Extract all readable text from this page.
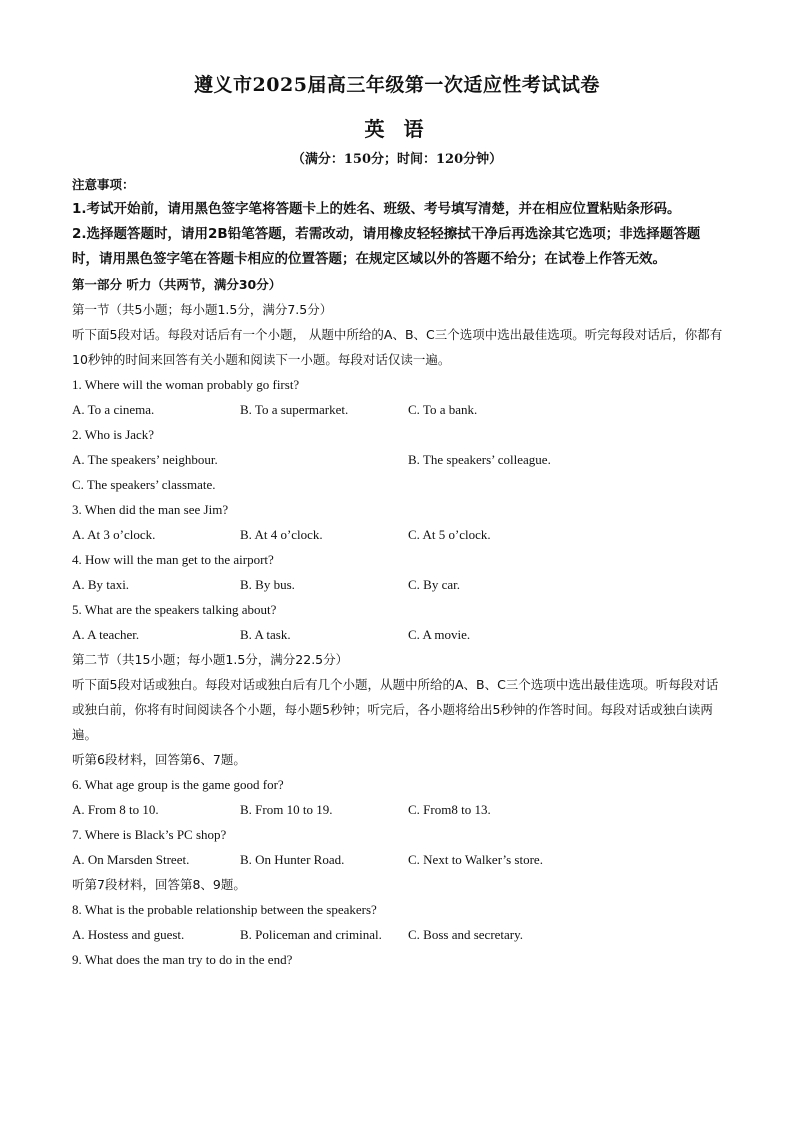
遵义市2025届高三年级第一次适应性考试试卷
英 语
（满分：150分；时间：120分钟）
注意事项：
1.考试开始前，请用黑色签字笔将答题卡上的姓名、班级、考号填写清楚，并在相应位置粘贴条形码。
2.选择题答题时，请用2B铅笔答题，若需改动，请用橡皮轻轻擦拭干净后再选涂其它选项；非选择题答题时，请用黑色签字笔在答题卡相应的位置答题；在规定区域以外的答题不给分；在试卷上作答无效。
第一部分 听力（共两节，满分30分）
第一节（共5小题；每小题1.5分，满分7.5分）
听下面5段对话。每段对话后有一个小题， 从题中所给的A、B、C三个选项中选出最佳选项。听完每段对话后，你都有10秒钟的时间来回答有关小题和阅读下一小题。每段对话仅读一遍。
1. Where will the woman probably go first?
A. To a cinema.	B. To a supermarket.	C. To a bank.
2. Who is Jack?
A. The speakers’ neighbour.	B. The speakers’ colleague.
C. The speakers’ classmate.
3. When did the man see Jim?
A. At 3 o’clock.	B. At 4 o’clock.	C. At 5 o’clock.
4. How will the man get to the airport?
A. By taxi.	B. By bus.	C. By car.
5. What are the speakers talking about?
A. A teacher.	B. A task.	C. A movie.
第二节（共15小题；每小题1.5分，满分22.5分）
听下面5段对话或独白。每段对话或独白后有几个小题，从题中所给的A、B、C三个选项中选出最佳选项。听每段对话或独白前，你将有时间阅读各个小题，每小题5秒钟；听完后，各小题将给出5秒钟的作答时间。每段对话或独白读两遍。
听第6段材料，回答第6、7题。
6. What age group is the game good for?
A. From 8 to 10.	B. From 10 to 19.	C. From8 to 13.
7. Where is Black’s PC shop?
A. On Marsden Street.	B. On Hunter Road.	C. Next to Walker’s store.
听第7段材料，回答第8、9题。
8. What is the probable relationship between the speakers?
A. Hostess and guest.	B. Policeman and criminal. C. Boss and secretary.
9. What does the man try to do in the end?
